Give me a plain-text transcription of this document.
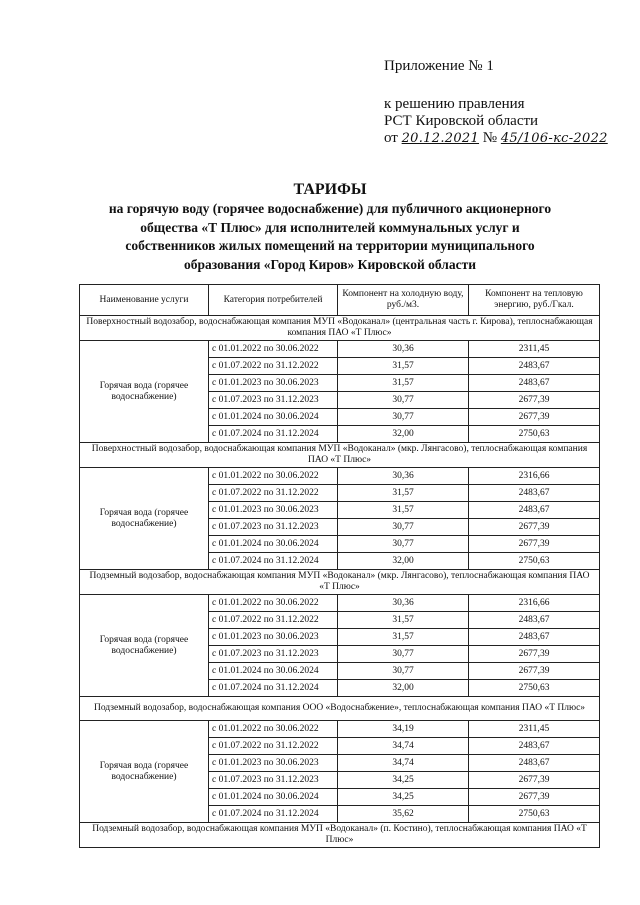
Приложение № 1
к решению правления
РСТ Кировской области
от 20.12.2021 № 45/106-кс-2022
ТАРИФЫ
на горячую воду (горячее водоснабжение) для публичного акционерного
общества «Т Плюс» для исполнителей коммунальных услуг и
собственников жилых помещений на территории муниципального
образования «Город Киров» Кировской области
Наименование услуги	Категория потребителей	Компонент на холодную воду, руб./м3.	Компонент на тепловую энергию, руб./Гкал.
Поверхностный водозабор, водоснабжающая компания МУП «Водоканал» (центральная часть г. Кирова), теплоснабжающая компания ПАО «Т Плюс»			
Горячая вода (горячее водоснабжение)	с 01.01.2022 по 30.06.2022	30,36	2311,45
	с 01.07.2022 по 31.12.2022	31,57	2483,67
	с 01.01.2023 по 30.06.2023	31,57	2483,67
	с 01.07.2023 по 31.12.2023	30,77	2677,39
	с 01.01.2024 по 30.06.2024	30,77	2677,39
	с 01.07.2024 по 31.12.2024	32,00	2750,63
Поверхностный водозабор, водоснабжающая компания МУП «Водоканал» (мкр. Лянгасово), теплоснабжающая компания ПАО «Т Плюс»			
Горячая вода (горячее водоснабжение)	с 01.01.2022 по 30.06.2022	30,36	2316,66
	с 01.07.2022 по 31.12.2022	31,57	2483,67
	с 01.01.2023 по 30.06.2023	31,57	2483,67
	с 01.07.2023 по 31.12.2023	30,77	2677,39
	с 01.01.2024 по 30.06.2024	30,77	2677,39
	с 01.07.2024 по 31.12.2024	32,00	2750,63
Подземный водозабор, водоснабжающая компания МУП «Водоканал» (мкр. Лянгасово), теплоснабжающая компания ПАО «Т Плюс»			
Горячая вода (горячее водоснабжение)	с 01.01.2022 по 30.06.2022	30,36	2316,66
	с 01.07.2022 по 31.12.2022	31,57	2483,67
	с 01.01.2023 по 30.06.2023	31,57	2483,67
	с 01.07.2023 по 31.12.2023	30,77	2677,39
	с 01.01.2024 по 30.06.2024	30,77	2677,39
	с 01.07.2024 по 31.12.2024	32,00	2750,63
Подземный водозабор, водоснабжающая компания ООО «Водоснабжение», теплоснабжающая компания ПАО «Т Плюс»			
Горячая вода (горячее водоснабжение)	с 01.01.2022 по 30.06.2022	34,19	2311,45
	с 01.07.2022 по 31.12.2022	34,74	2483,67
	с 01.01.2023 по 30.06.2023	34,74	2483,67
	с 01.07.2023 по 31.12.2023	34,25	2677,39
	с 01.01.2024 по 30.06.2024	34,25	2677,39
	с 01.07.2024 по 31.12.2024	35,62	2750,63
Подземный водозабор, водоснабжающая компания МУП «Водоканал» (п. Костино), теплоснабжающая компания ПАО «Т Плюс»			
